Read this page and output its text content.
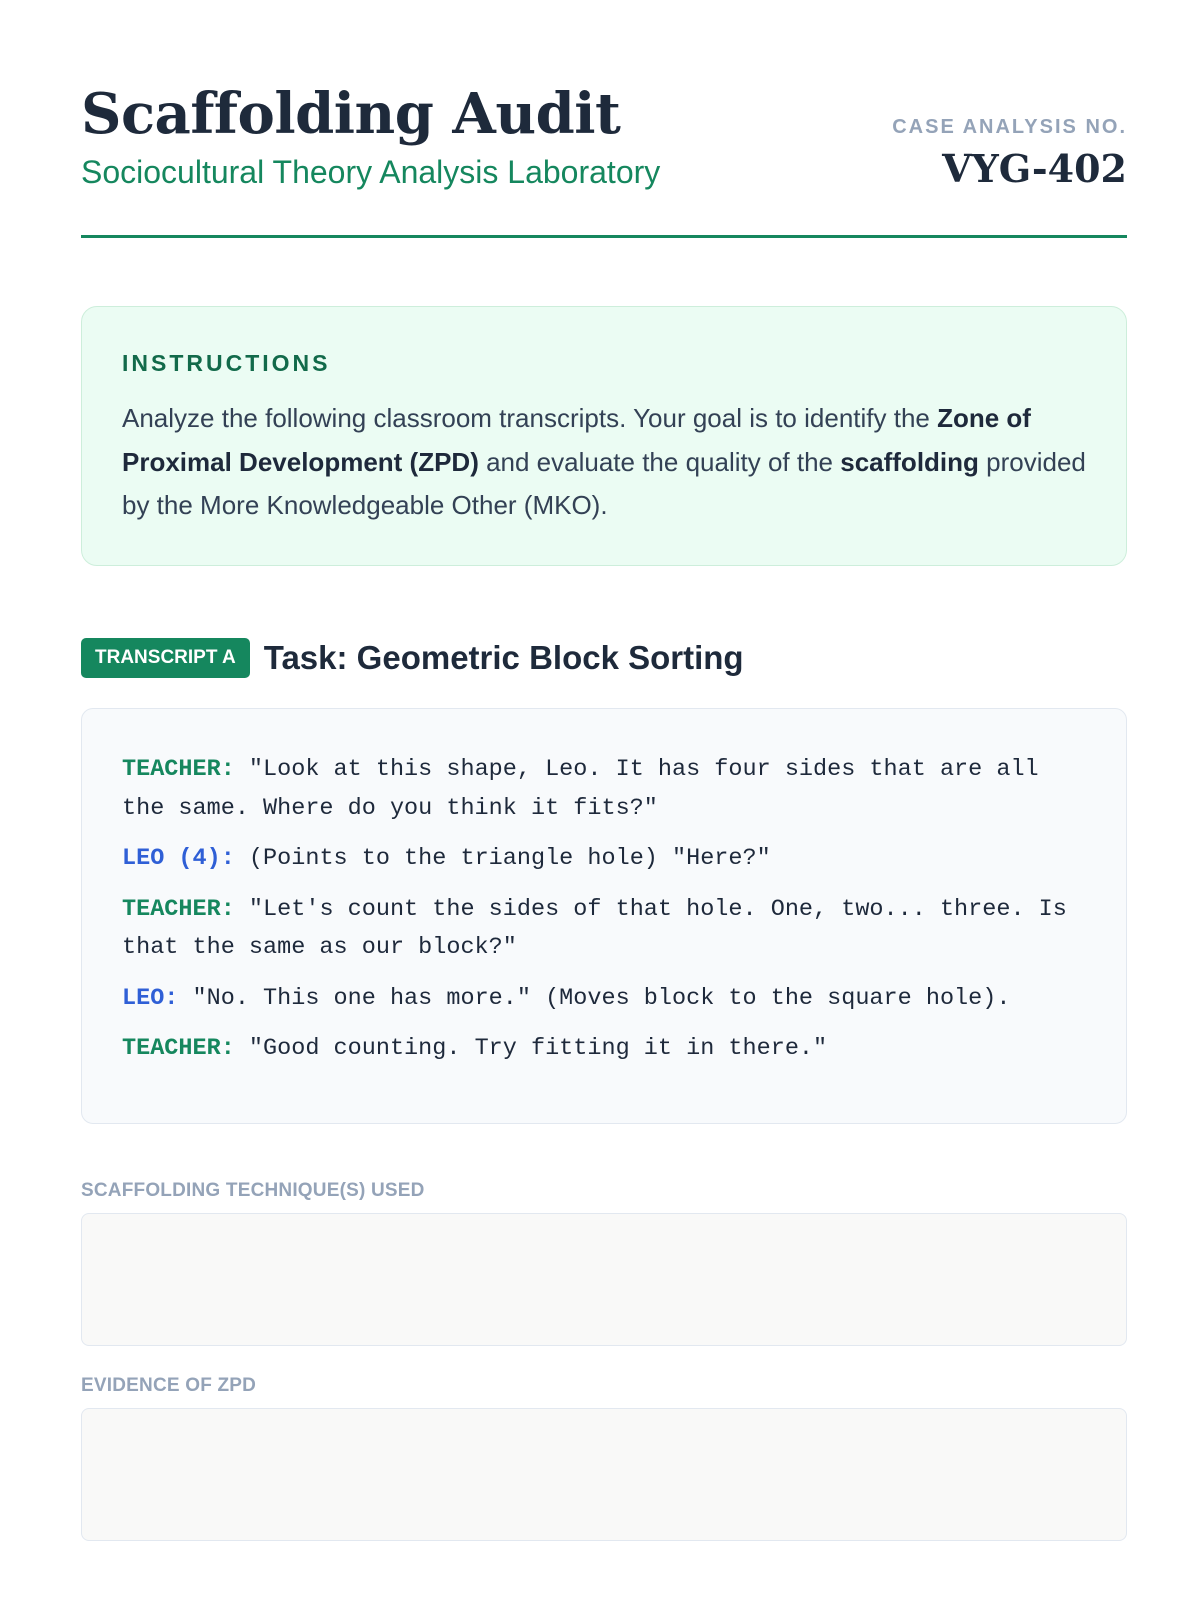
Scaffolding Audit
Sociocultural Theory Analysis Laboratory
CASE ANALYSIS NO.
VYG-402
INSTRUCTIONS
Analyze the following classroom transcripts. Your goal is to identify the Zone of Proximal Development (ZPD) and evaluate the quality of the scaffolding provided by the More Knowledgeable Other (MKO).
TRANSCRIPT A Task: Geometric Block Sorting

TEACHER: "Look at this shape, Leo. It has four sides that are all the same. Where do you think it fits?"

LEO (4): (Points to the triangle hole) "Here?"

TEACHER: "Let's count the sides of that hole. One, two... three. Is that the same as our block?"

LEO: "No. This one has more." (Moves block to the square hole).

TEACHER: "Good counting. Try fitting it in there."

SCAFFOLDING TECHNIQUE(S) USED
EVIDENCE OF ZPD
